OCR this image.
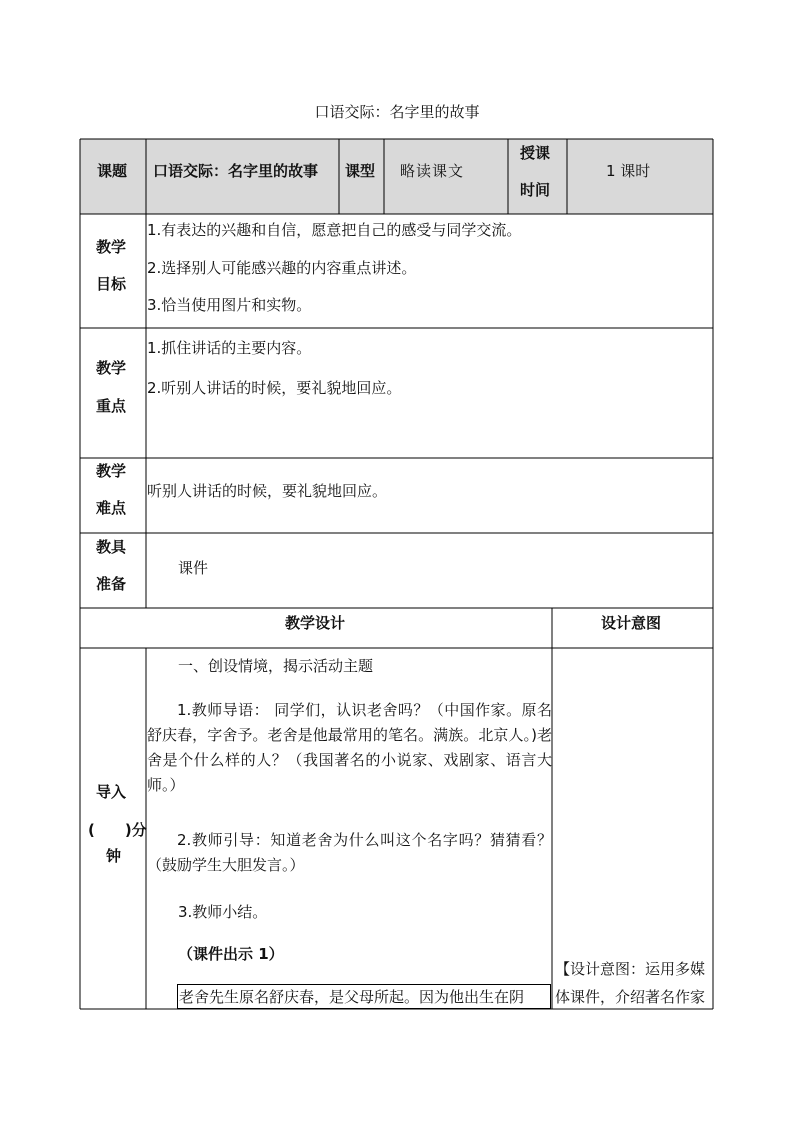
口语交际：名字里的故事
课题 口语交际：名字里的故事 课型 略读课文
授课
时间
1 课时
教学
目标
1.有表达的兴趣和自信，愿意把自己的感受与同学交流。
2.选择别人可能感兴趣的内容重点讲述。
3.恰当使用图片和实物。
教学
重点
1.抓住讲话的主要内容。
2.听别人讲话的时候，要礼貌地回应。
教学
难点
听别人讲话的时候，要礼貌地回应。
教具
准备
课件
教学设计	设计意图
导入
(　　)分
钟
一、创设情境，揭示活动主题
1.教师导语： 同学们，认识老舍吗？（中国作家。原名舒庆春，字舍予。老舍是他最常用的笔名。满族。北京人。)老舍是个什么样的人？（我国著名的小说家、戏剧家、语言大师。）
2.教师引导：知道老舍为什么叫这个名字吗？猜猜看？（鼓励学生大胆发言。）
3.教师小结。
（课件出示 1）
老舍先生原名舒庆春，是父母所起。因为他出生在阴
【设计意图：运用多媒体课件，介绍著名作家
